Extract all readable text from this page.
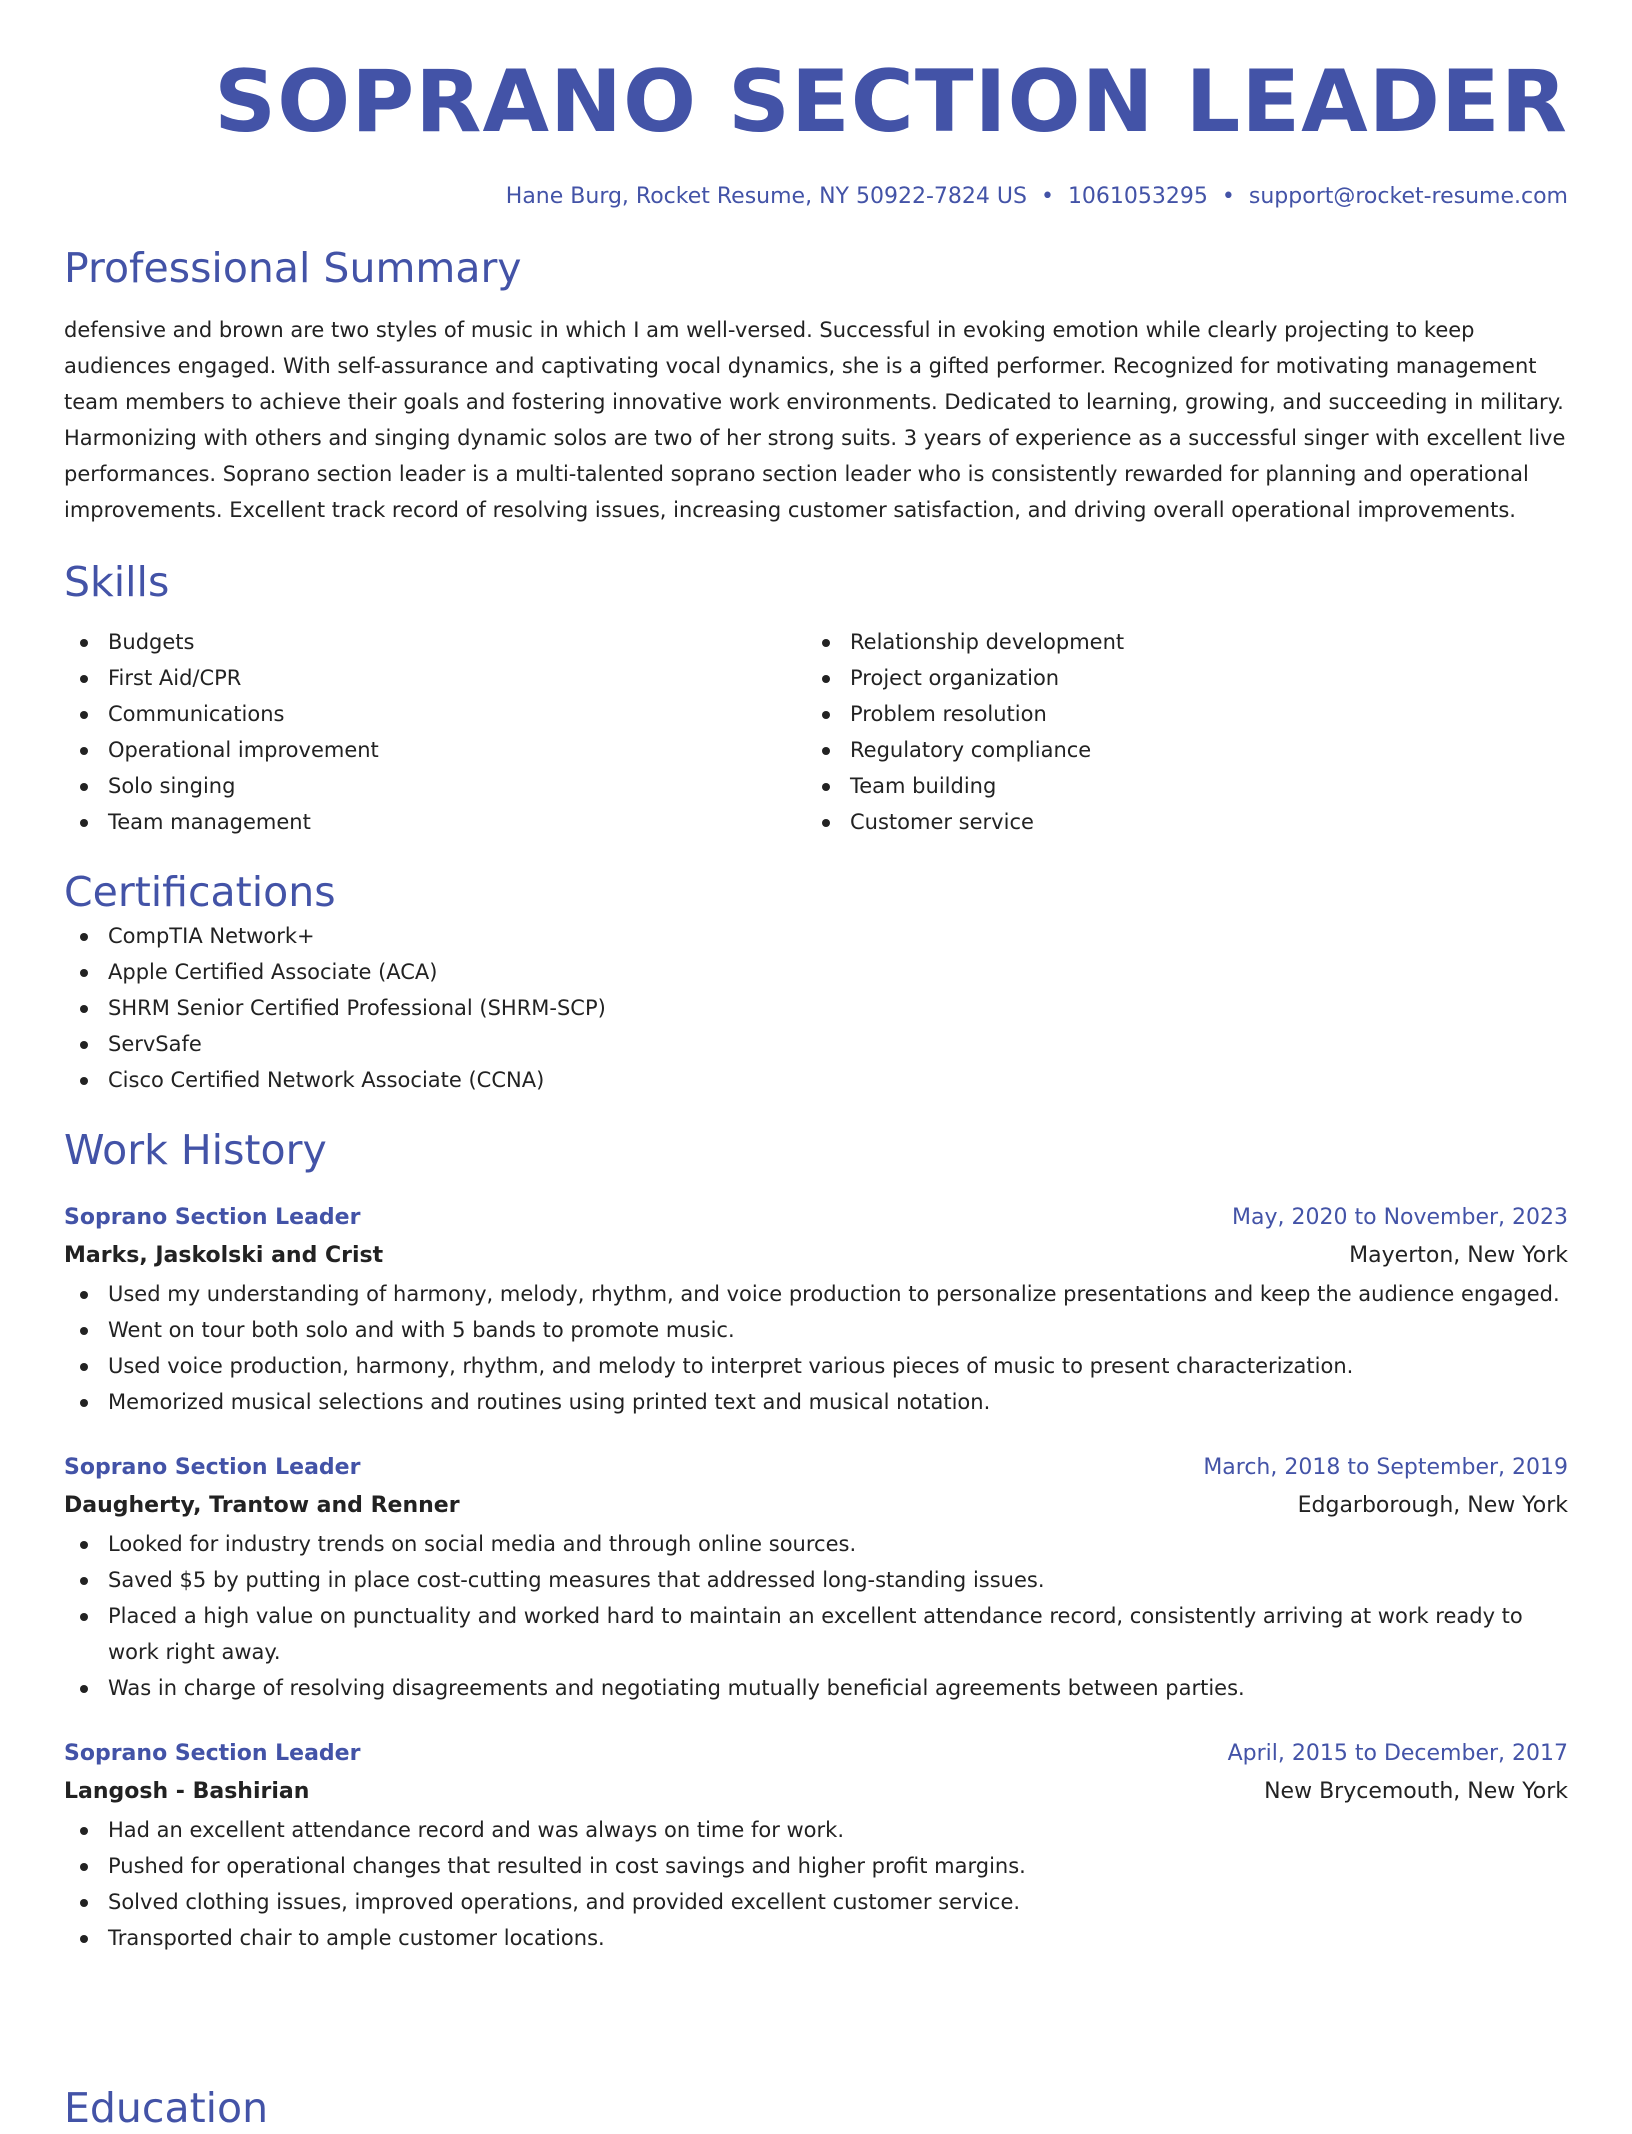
SOPRANO SECTION LEADER
Hane Burg, Rocket Resume, NY 50922-7824 US • 1061053295 • support@rocket-resume.com
Professional Summary

defensive and brown are two styles of music in which I am well-versed. Successful in evoking emotion while clearly projecting to keep audiences engaged. With self-assurance and captivating vocal dynamics, she is a gifted performer. Recognized for motivating management team members to achieve their goals and fostering innovative work environments. Dedicated to learning, growing, and succeeding in military. Harmonizing with others and singing dynamic solos are two of her strong suits. 3 years of experience as a successful singer with excellent live performances. Soprano section leader is a multi-talented soprano section leader who is consistently rewarded for planning and operational improvements. Excellent track record of resolving issues, increasing customer satisfaction, and driving overall operational improvements.

Skills
Budgets
First Aid/CPR
Communications
Operational improvement
Solo singing
Team management
Relationship development
Project organization
Problem resolution
Regulatory compliance
Team building
Customer service
Certifications
CompTIA Network+
Apple Certified Associate (ACA)
SHRM Senior Certified Professional (SHRM-SCP)
ServSafe
Cisco Certified Network Associate (CCNA)
Work History
Soprano Section Leader	May, 2020 to November, 2023
Marks, Jaskolski and Crist	Mayerton, New York
Used my understanding of harmony, melody, rhythm, and voice production to personalize presentations and keep the audience engaged.
Went on tour both solo and with 5 bands to promote music.
Used voice production, harmony, rhythm, and melody to interpret various pieces of music to present characterization.
Memorized musical selections and routines using printed text and musical notation.
Soprano Section Leader	March, 2018 to September, 2019
Daugherty, Trantow and Renner	Edgarborough, New York
Looked for industry trends on social media and through online sources.
Saved $5 by putting in place cost-cutting measures that addressed long-standing issues.
Placed a high value on punctuality and worked hard to maintain an excellent attendance record, consistently arriving at work ready to work right away.
Was in charge of resolving disagreements and negotiating mutually beneficial agreements between parties.
Soprano Section Leader	April, 2015 to December, 2017
Langosh - Bashirian	New Brycemouth, New York
Had an excellent attendance record and was always on time for work.
Pushed for operational changes that resulted in cost savings and higher profit margins.
Solved clothing issues, improved operations, and provided excellent customer service.
Transported chair to ample customer locations.
Education
